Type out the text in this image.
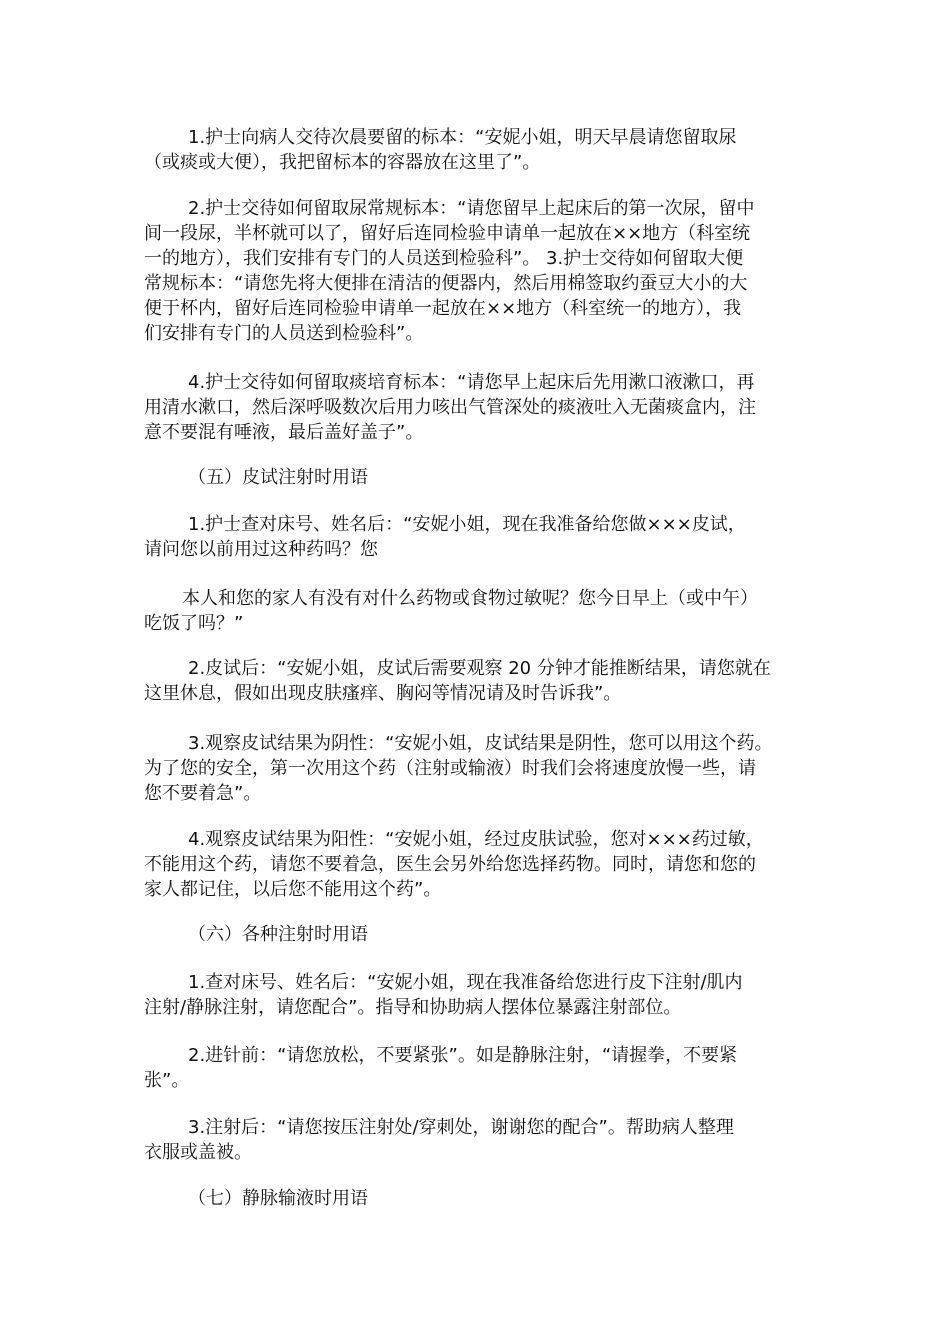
1.护士向病人交待次晨要留的标本：“安妮小姐，明天早晨请您留取尿
（或痰或大便），我把留标本的容器放在这里了”。
2.护士交待如何留取尿常规标本：“请您留早上起床后的第一次尿，留中
间一段尿，半杯就可以了，留好后连同检验申请单一起放在××地方（科室统
一的地方），我们安排有专门的人员送到检验科”。 3.护士交待如何留取大便
常规标本：“请您先将大便排在清洁的便器内，然后用棉签取约蚕豆大小的大
便于杯内，留好后连同检验申请单一起放在××地方（科室统一的地方），我
们安排有专门的人员送到检验科”。
4.护士交待如何留取痰培育标本：“请您早上起床后先用漱口液漱口，再
用清水漱口，然后深呼吸数次后用力咳出气管深处的痰液吐入无菌痰盒内，注
意不要混有唾液，最后盖好盖子”。
（五）皮试注射时用语
1.护士查对床号、姓名后：“安妮小姐，现在我准备给您做×××皮试，
请问您以前用过这种药吗？您
本人和您的家人有没有对什么药物或食物过敏呢？您今日早上（或中午）
吃饭了吗？”
2.皮试后：“安妮小姐，皮试后需要观察 20 分钟才能推断结果，请您就在
这里休息，假如出现皮肤瘙痒、胸闷等情况请及时告诉我”。
3.观察皮试结果为阴性：“安妮小姐，皮试结果是阴性，您可以用这个药。
为了您的安全，第一次用这个药（注射或输液）时我们会将速度放慢一些，请
您不要着急”。
4.观察皮试结果为阳性：“安妮小姐，经过皮肤试验，您对×××药过敏，
不能用这个药，请您不要着急，医生会另外给您选择药物。同时，请您和您的
家人都记住，以后您不能用这个药”。
（六）各种注射时用语
1.查对床号、姓名后：“安妮小姐，现在我准备给您进行皮下注射/肌内
注射/静脉注射，请您配合”。指导和协助病人摆体位暴露注射部位。
2.进针前：“请您放松，不要紧张”。如是静脉注射，“请握拳，不要紧
张”。
3.注射后：“请您按压注射处/穿刺处，谢谢您的配合”。帮助病人整理
衣服或盖被。
（七）静脉输液时用语
